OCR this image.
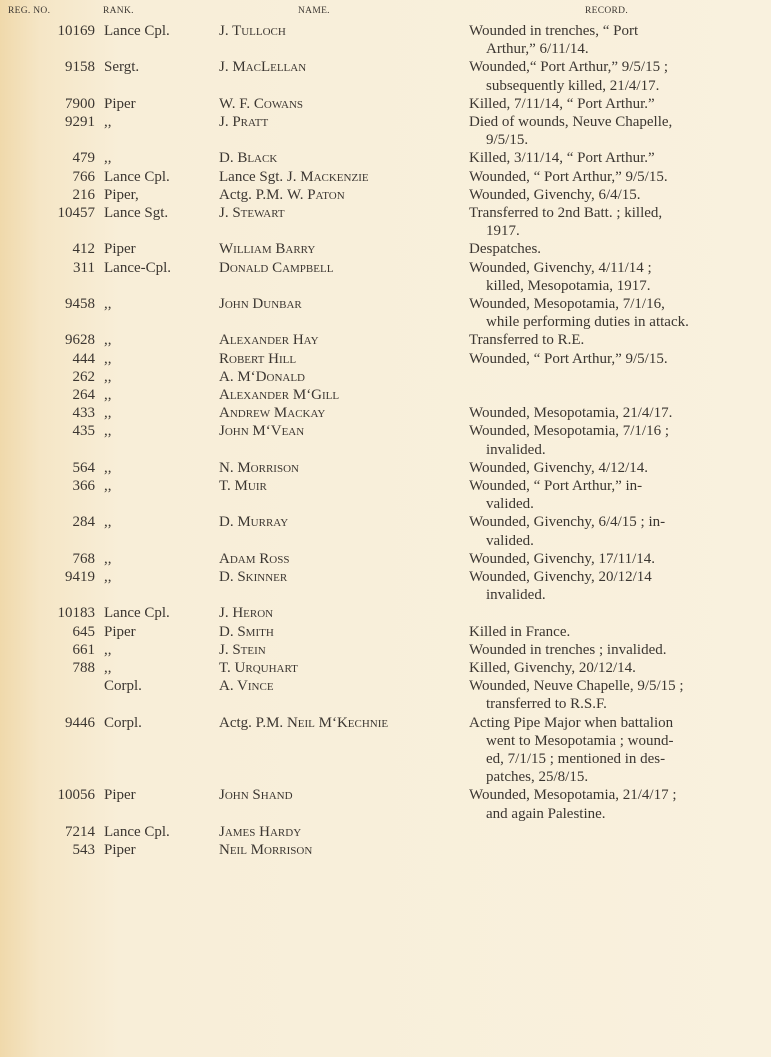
REG. NO.	RANK.	NAME.	RECORD.
10169 Lance Cpl.	J. Tulloch	Wounded in trenches, “ Port
Arthur,” 6/11/14.
9158 Sergt.	J. MacLellan	Wounded,“ Port Arthur,” 9/5/15 ;
subsequently killed, 21/4/17.
7900 Piper	W. F. Cowans	Killed, 7/11/14, “ Port Arthur.”
9291 ,,	J. Pratt	Died of wounds, Neuve Chapelle,
9/5/15.
479 ,,	D. Black	Killed, 3/11/14, “ Port Arthur.”
766 Lance Cpl.	Lance Sgt. J. Mackenzie	Wounded, “ Port Arthur,” 9/5/15.
216 Piper,	Actg. P.M. W. Paton	Wounded, Givenchy, 6/4/15.
10457 Lance Sgt.	J. Stewart	Transferred to 2nd Batt. ; killed,
1917.
412 Piper	William Barry	Despatches.
311 Lance-Cpl.	Donald Campbell	Wounded, Givenchy, 4/11/14 ;
killed, Mesopotamia, 1917.
9458 ,,	John Dunbar	Wounded, Mesopotamia, 7/1/16,
while performing duties in attack.
9628 ,,	Alexander Hay	Transferred to R.E.
444 ,,	Robert Hill	Wounded, “ Port Arthur,” 9/5/15.
262 ,,	A. M‘Donald
264 ,,	Alexander M‘Gill
433 ,,	Andrew Mackay	Wounded, Mesopotamia, 21/4/17.
435 ,,	John M‘Vean	Wounded, Mesopotamia, 7/1/16 ;
invalided.
564 ,,	N. Morrison	Wounded, Givenchy, 4/12/14.
366 ,,	T. Muir	Wounded, “ Port Arthur,” in-
valided.
284 ,,	D. Murray	Wounded, Givenchy, 6/4/15 ; in-
valided.
768 ,,	Adam Ross	Wounded, Givenchy, 17/11/14.
9419 ,,	D. Skinner	Wounded, Givenchy, 20/12/14
invalided.
10183 Lance Cpl.	J. Heron
645 Piper	D. Smith	Killed in France.
661 ,,	J. Stein	Wounded in trenches ; invalided.
788 ,,	T. Urquhart	Killed, Givenchy, 20/12/14.
Corpl.	A. Vince	Wounded, Neuve Chapelle, 9/5/15 ;
transferred to R.S.F.
9446 Corpl.	Actg. P.M. Neil M‘Kechnie	Acting Pipe Major when battalion
went to Mesopotamia ; wound-
ed, 7/1/15 ; mentioned in des-
patches, 25/8/15.
10056 Piper	John Shand	Wounded, Mesopotamia, 21/4/17 ;
and again Palestine.
7214 Lance Cpl.	James Hardy
543 Piper	Neil Morrison
